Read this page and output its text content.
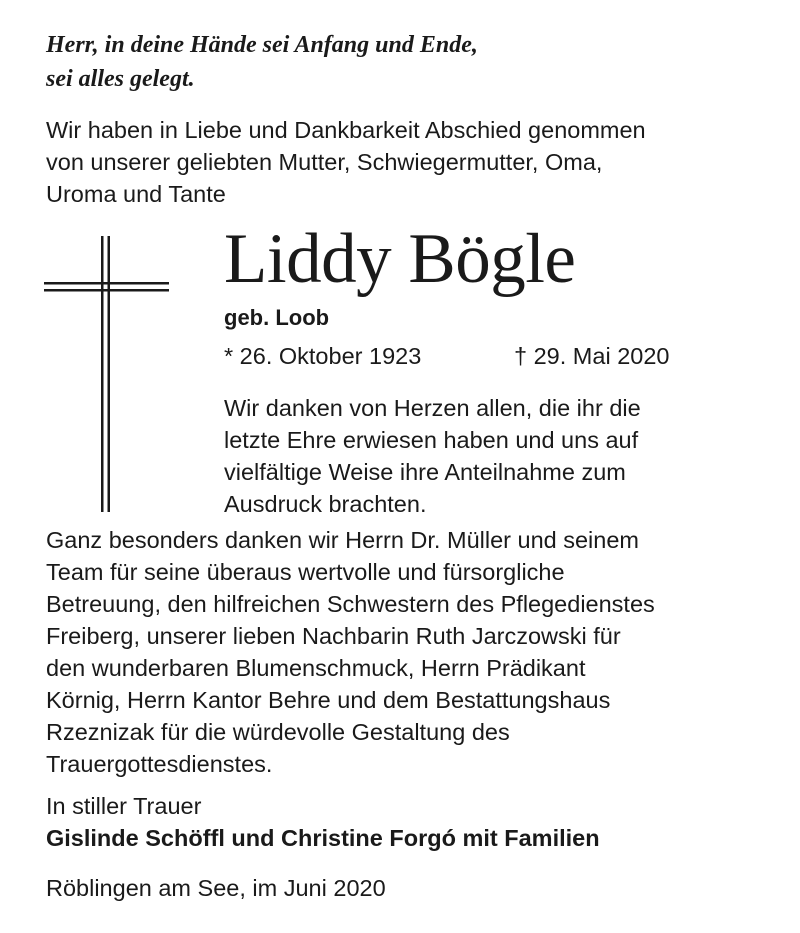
Herr, in deine Hände sei Anfang und Ende,
sei alles gelegt.
Wir haben in Liebe und Dankbarkeit Abschied genommen
von unserer geliebten Mutter, Schwiegermutter, Oma,
Uroma und Tante
Liddy Bögle
geb. Loob
* 26. Oktober 1923	† 29. Mai 2020
Wir danken von Herzen allen, die ihr die
letzte Ehre erwiesen haben und uns auf
vielfältige Weise ihre Anteilnahme zum
Ausdruck brachten.
Ganz besonders danken wir Herrn Dr. Müller und seinem
Team für seine überaus wertvolle und fürsorgliche
Betreuung, den hilfreichen Schwestern des Pflegedienstes
Freiberg, unserer lieben Nachbarin Ruth Jarczowski für
den wunderbaren Blumenschmuck, Herrn Prädikant
Körnig, Herrn Kantor Behre und dem Bestattungshaus
Rzeznizak für die würdevolle Gestaltung des
Trauergottesdienstes.
In stiller Trauer
Gislinde Schöffl und Christine Forgó mit Familien
Röblingen am See, im Juni 2020
